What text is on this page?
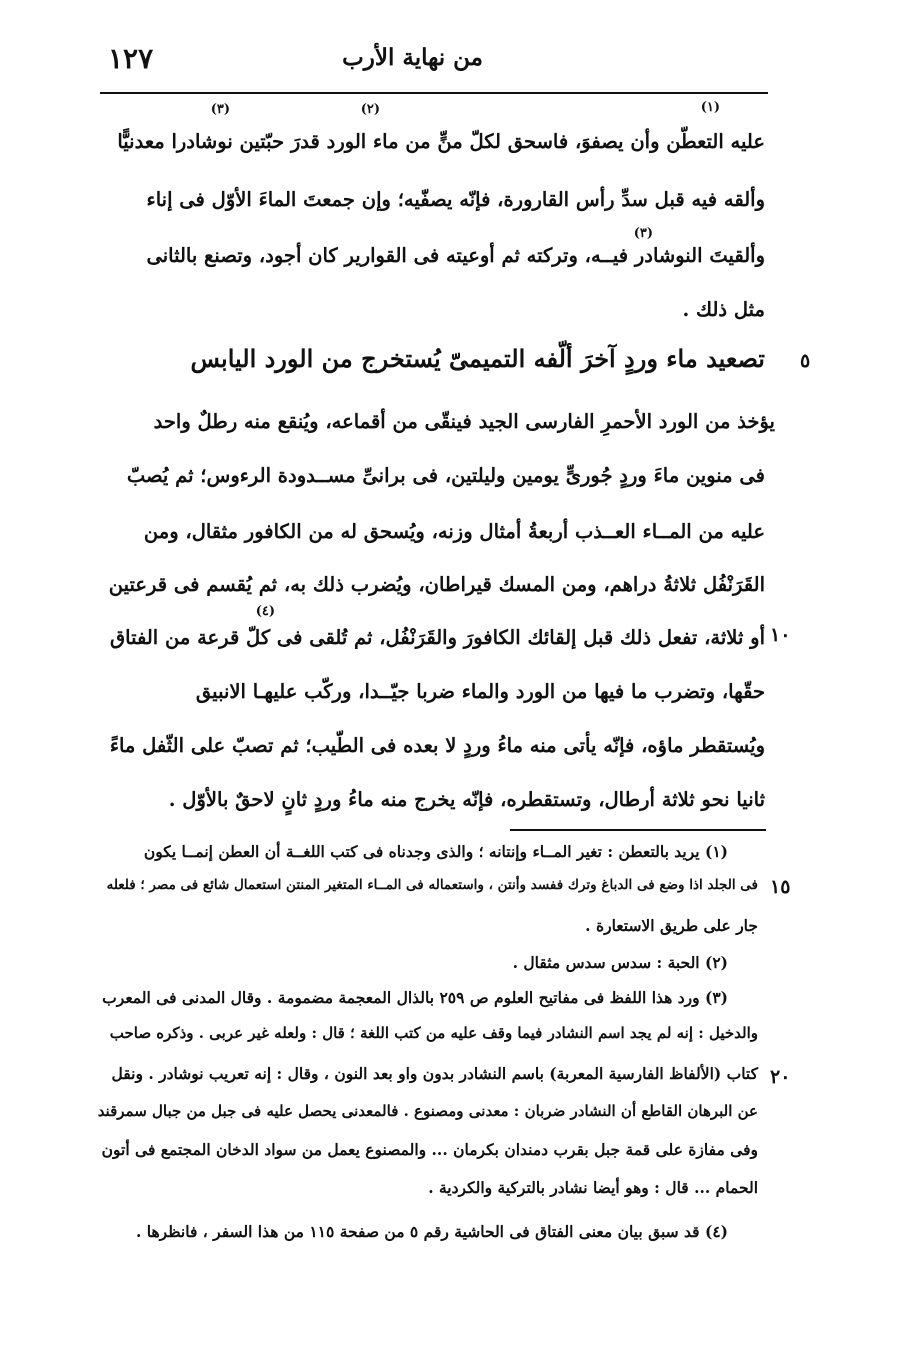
من نهاية الأرب
١٢٧
(١)
(٢)
(٣)
عليه التعطّن وأن يصفوَ، فاسحق لكلّ منٍّ من ماء الورد قدرَ حبّتين نوشادرا معدنيًّا
وألقه فيه قبل سدِّ رأس القارورة، فإنّه يصفّيه؛ وإن جمعتَ الماءَ الأوّل فى إناء
(٣)
وألقيتَ النوشادر فيــه، وتركته ثم أوعيته فى القوارير كان أجود، وتصنع بالثانى
مثل ذلك .
تصعيد ماء وردٍ آخرَ ألّفه التميمىّ يُستخرج من الورد اليابس
يؤخذ من الورد الأحمرِ الفارسى الجيد فينقّى من أقماعه، ويُنقع منه رطلٌ واحد
فى منوين ماءَ وردٍ جُورىٍّ يومين وليلتين، فى برانىِّ مســدودة الرءوس؛ ثم يُصبّ
عليه من المــاء العــذب أربعةُ أمثال وزنه، ويُسحق له من الكافور مثقال، ومن
القَرَنْفُل ثلاثةُ دراهم، ومن المسك قيراطان، ويُضرب ذلك به، ثم يُقسم فى قرعتين
(٤)
أو ثلاثة، تفعل ذلك قبل إلقائك الكافورَ والقَرَنْفُل، ثم تُلقى فى كلّ قرعة من الفتاق
حقّها، وتضرب ما فيها من الورد والماء ضربا جيّــدا، وركّب عليهـا الانبيق
ويُستقطر ماؤه، فإنّه يأتى منه ماءُ وردٍ لا بعده فى الطّيب؛ ثم تصبّ على الثّفل ماءً
ثانيا نحو ثلاثة أرطال، وتستقطره، فإنّه يخرج منه ماءُ وردٍ ثانٍ لاحقٌ بالأوّل .
٥
١٠
١٥
٢٠
(١) يريد بالتعطن : تغير المــاء وإنتانه ؛ والذى وجدناه فى كتب اللغــة أن العطن إنمــا يكون
فى الجلد اذا وضع فى الدباغ وترك ففسد وأنتن ، واستعماله فى المــاء المتغير المنتن استعمال شائع فى مصر ؛ فلعله
جار على طريق الاستعارة .
(٢) الحبة : سدس سدس مثقال .
(٣) ورد هذا اللفظ فى مفاتيح العلوم ص ٢٥٩ بالذال المعجمة مضمومة . وقال المدنى فى المعرب
والدخيل : إنه لم يجد اسم النشادر فيما وقف عليه من كتب اللغة ؛ قال : ولعله غير عربى . وذكره صاحب
كتاب (الألفاظ الفارسية المعربة) باسم النشادر بدون واو بعد النون ، وقال : إنه تعريب نوشادر . ونقل
عن البرهان القاطع أن النشادر ضربان : معدنى ومصنوع . فالمعدنى يحصل عليه فى جبل من جبال سمرقند
وفى مفازة على قمة جبل بقرب دمندان بكرمان ... والمصنوع يعمل من سواد الدخان المجتمع فى أتون
الحمام ... قال : وهو أيضا نشادر بالتركية والكردية .
(٤) قد سبق بيان معنى الفتاق فى الحاشية رقم ٥ من صفحة ١١٥ من هذا السفر ، فانظرها .
